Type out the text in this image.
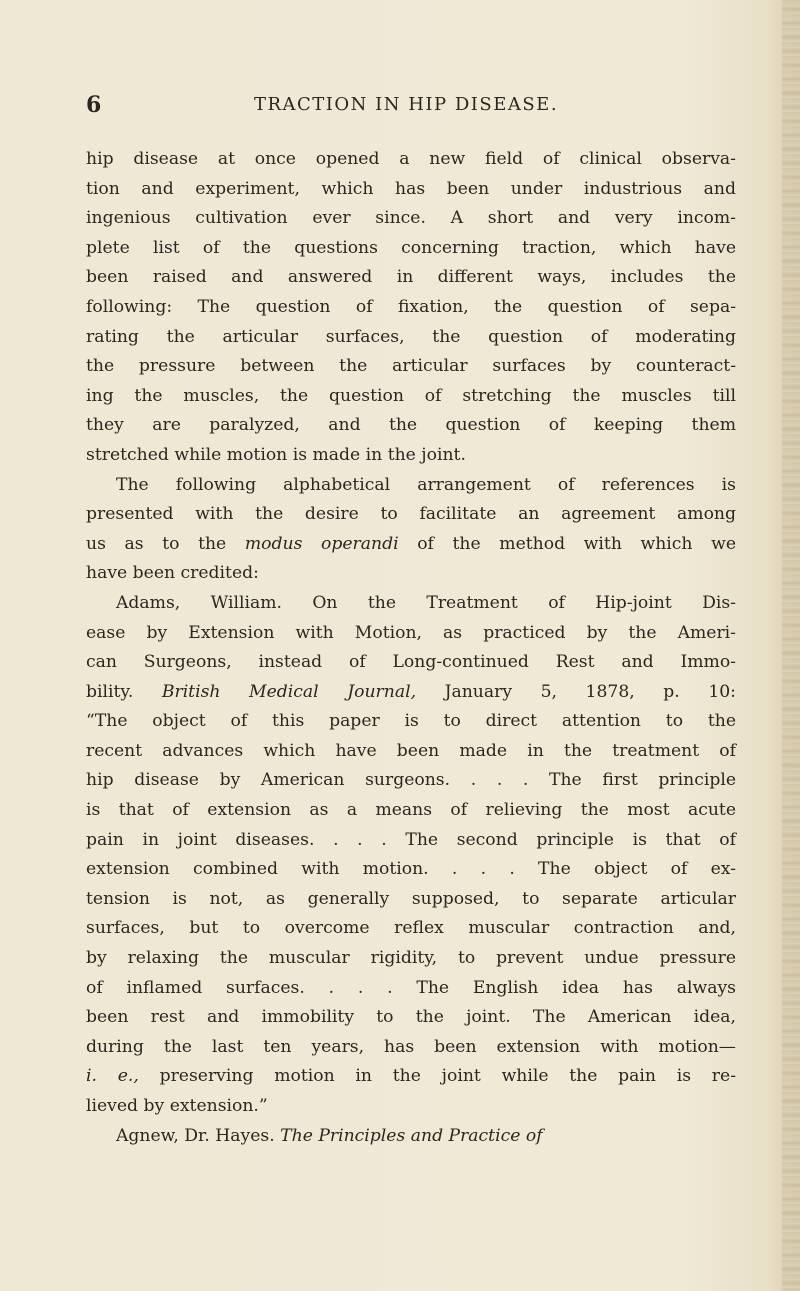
6	TRACTION IN HIP DISEASE.
hip disease at once opened a new field of clinical observa-
tion and experiment, which has been under industrious and
ingenious cultivation ever since. A short and very incom-
plete list of the questions concerning traction, which have
been raised and answered in different ways, includes the
following: The question of fixation, the question of sepa-
rating the articular surfaces, the question of moderating
the pressure between the articular surfaces by counteract-
ing the muscles, the question of stretching the muscles till
they are paralyzed, and the question of keeping them
stretched while motion is made in the joint.
The following alphabetical arrangement of references is
presented with the desire to facilitate an agreement among
us as to the modus operandi of the method with which we
have been credited:
Adams, William. On the Treatment of Hip-joint Dis-
ease by Extension with Motion, as practiced by the Ameri-
can Surgeons, instead of Long-continued Rest and Immo-
bility. British Medical Journal, January 5, 1878, p. 10:
“The object of this paper is to direct attention to the
recent advances which have been made in the treatment of
hip disease by American surgeons. . . . The first principle
is that of extension as a means of relieving the most acute
pain in joint diseases. . . . The second principle is that of
extension combined with motion. . . . The object of ex-
tension is not, as generally supposed, to separate articular
surfaces, but to overcome reflex muscular contraction and,
by relaxing the muscular rigidity, to prevent undue pressure
of inflamed surfaces. . . . The English idea has always
been rest and immobility to the joint. The American idea,
during the last ten years, has been extension with motion—
i. e., preserving motion in the joint while the pain is re-
lieved by extension.”
Agnew, Dr. Hayes. The Principles and Practice of
